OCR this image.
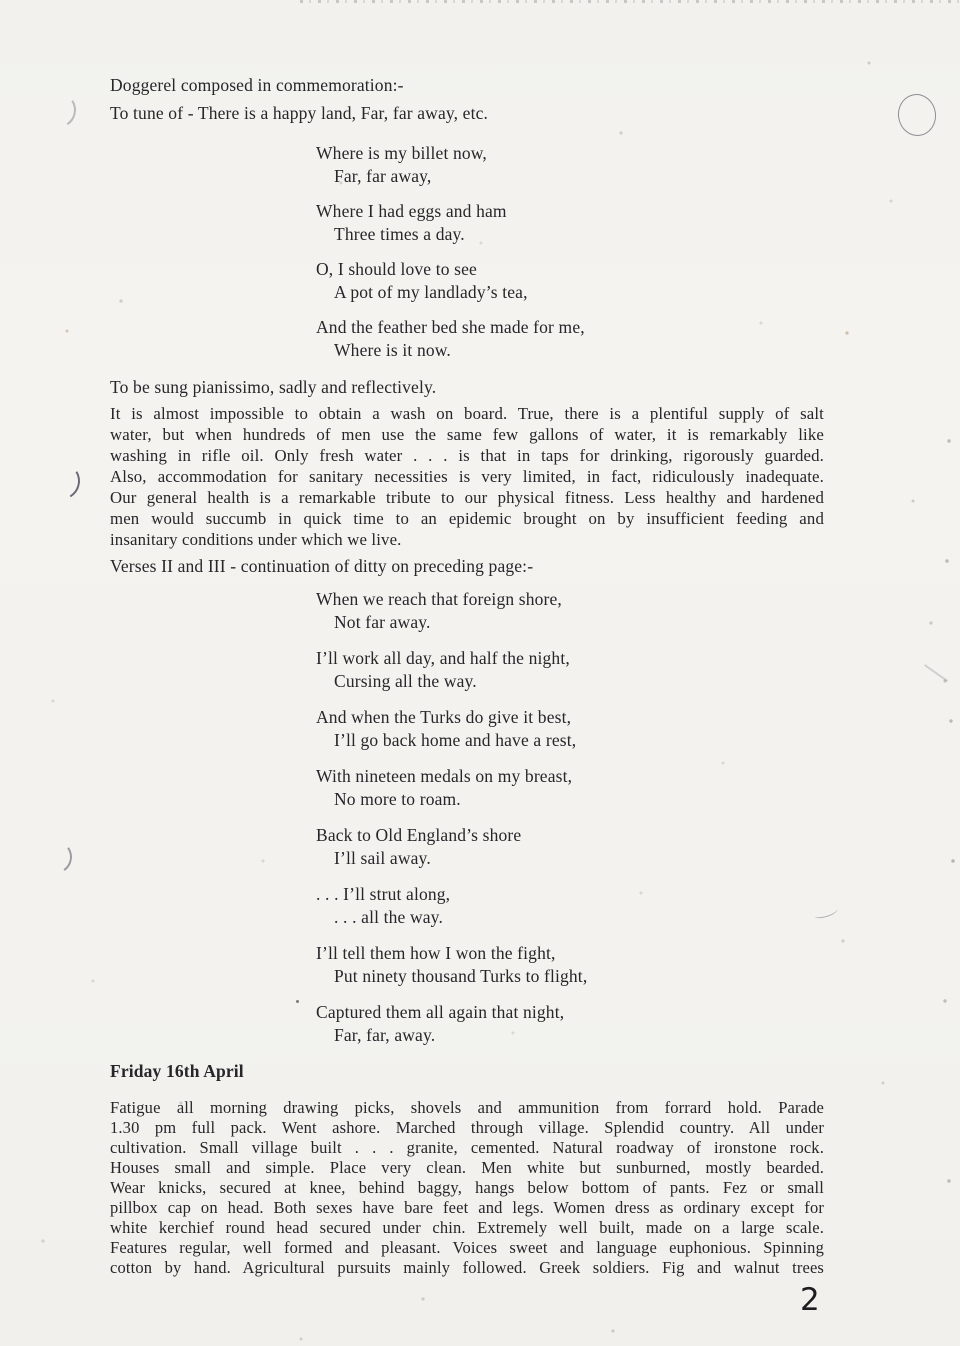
Doggerel composed in commemoration:-
To tune of - There is a happy land, Far, far away, etc.
Where is my billet now,
Far, far away,
Where I had eggs and ham
Three times a day.
O, I should love to see
A pot of my landlady’s tea,
And the feather bed she made for me,
Where is it now.
To be sung pianissimo, sadly and reflectively.
It is almost impossible to obtain a wash on board. True, there is a plentiful supply of salt
water, but when hundreds of men use the same few gallons of water, it is remarkably like
washing in rifle oil. Only fresh water . . . is that in taps for drinking, rigorously guarded.
Also, accommodation for sanitary necessities is very limited, in fact, ridiculously inadequate.
Our general health is a remarkable tribute to our physical fitness. Less healthy and hardened
men would succumb in quick time to an epidemic brought on by insufficient feeding and
insanitary conditions under which we live.
Verses II and III - continuation of ditty on preceding page:-
When we reach that foreign shore,
Not far away.
I’ll work all day, and half the night,
Cursing all the way.
And when the Turks do give it best,
I’ll go back home and have a rest,
With nineteen medals on my breast,
No more to roam.
Back to Old England’s shore
I’ll sail away.
. . . I’ll strut along,
. . . all the way.
I’ll tell them how I won the fight,
Put ninety thousand Turks to flight,
Captured them all again that night,
Far, far, away.
Friday 16th April
Fatigue all morning drawing picks, shovels and ammunition from forrard hold. Parade
1.30 pm full pack. Went ashore. Marched through village. Splendid country. All under
cultivation. Small village built . . . granite, cemented. Natural roadway of ironstone rock.
Houses small and simple. Place very clean. Men white but sunburned, mostly bearded.
Wear knicks, secured at knee, behind baggy, hangs below bottom of pants. Fez or small
pillbox cap on head. Both sexes have bare feet and legs. Women dress as ordinary except for
white kerchief round head secured under chin. Extremely well built, made on a large scale.
Features regular, well formed and pleasant. Voices sweet and language euphonious. Spinning
cotton by hand. Agricultural pursuits mainly followed. Greek soldiers. Fig and walnut trees
2
